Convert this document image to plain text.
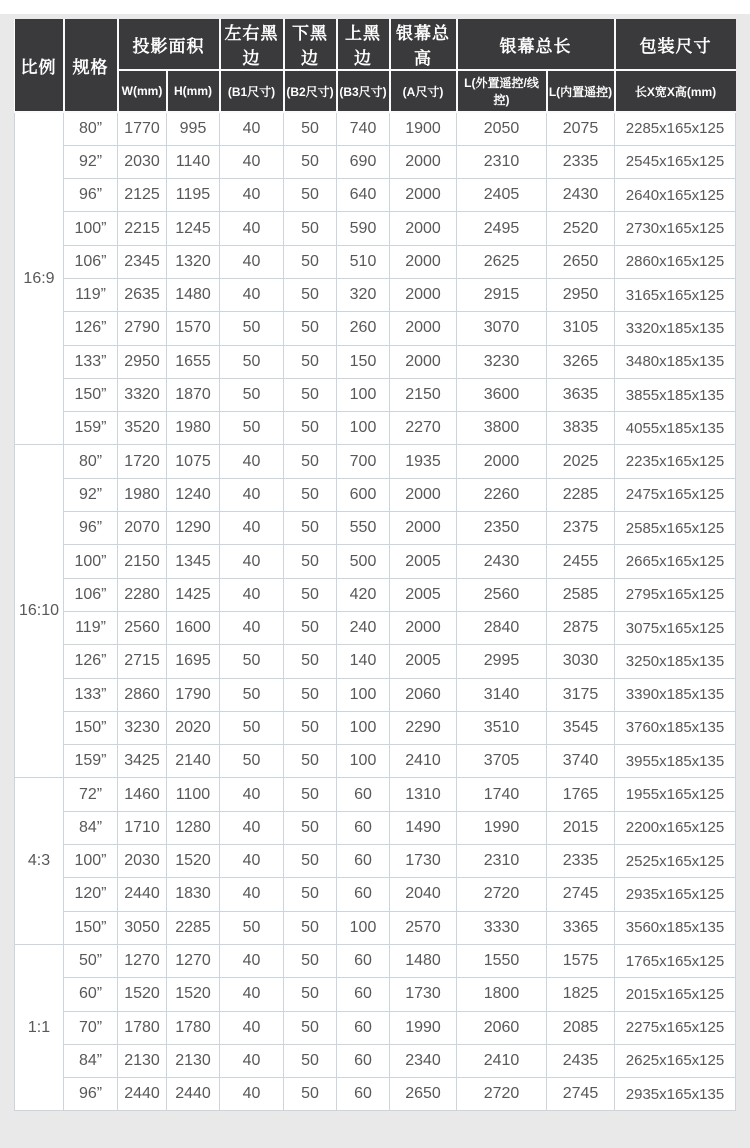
比例	规格	投影面积		左右黑边	下黑边	上黑边	银幕总高	银幕总长		包装尺寸
		W(mm)	H(mm)	(B1尺寸)	(B2尺寸)	(B3尺寸)	(A尺寸)	L(外置遥控/线控)	L(内置遥控)	长X宽X高(mm)
16:9	80”	1770	995	40	50	740	1900	2050	2075	2285x165x125
	92”	2030	1140	40	50	690	2000	2310	2335	2545x165x125
	96”	2125	1195	40	50	640	2000	2405	2430	2640x165x125
	100”	2215	1245	40	50	590	2000	2495	2520	2730x165x125
	106”	2345	1320	40	50	510	2000	2625	2650	2860x165x125
	119”	2635	1480	40	50	320	2000	2915	2950	3165x165x125
	126”	2790	1570	50	50	260	2000	3070	3105	3320x185x135
	133”	2950	1655	50	50	150	2000	3230	3265	3480x185x135
	150”	3320	1870	50	50	100	2150	3600	3635	3855x185x135
	159”	3520	1980	50	50	100	2270	3800	3835	4055x185x135
16:10	80”	1720	1075	40	50	700	1935	2000	2025	2235x165x125
	92”	1980	1240	40	50	600	2000	2260	2285	2475x165x125
	96”	2070	1290	40	50	550	2000	2350	2375	2585x165x125
	100”	2150	1345	40	50	500	2005	2430	2455	2665x165x125
	106”	2280	1425	40	50	420	2005	2560	2585	2795x165x125
	119”	2560	1600	40	50	240	2000	2840	2875	3075x165x125
	126”	2715	1695	50	50	140	2005	2995	3030	3250x185x135
	133”	2860	1790	50	50	100	2060	3140	3175	3390x185x135
	150”	3230	2020	50	50	100	2290	3510	3545	3760x185x135
	159”	3425	2140	50	50	100	2410	3705	3740	3955x185x135
4:3	72”	1460	1100	40	50	60	1310	1740	1765	1955x165x125
	84”	1710	1280	40	50	60	1490	1990	2015	2200x165x125
	100”	2030	1520	40	50	60	1730	2310	2335	2525x165x125
	120”	2440	1830	40	50	60	2040	2720	2745	2935x165x125
	150”	3050	2285	50	50	100	2570	3330	3365	3560x185x135
1:1	50”	1270	1270	40	50	60	1480	1550	1575	1765x165x125
	60”	1520	1520	40	50	60	1730	1800	1825	2015x165x125
	70”	1780	1780	40	50	60	1990	2060	2085	2275x165x125
	84”	2130	2130	40	50	60	2340	2410	2435	2625x165x125
	96”	2440	2440	40	50	60	2650	2720	2745	2935x165x135
